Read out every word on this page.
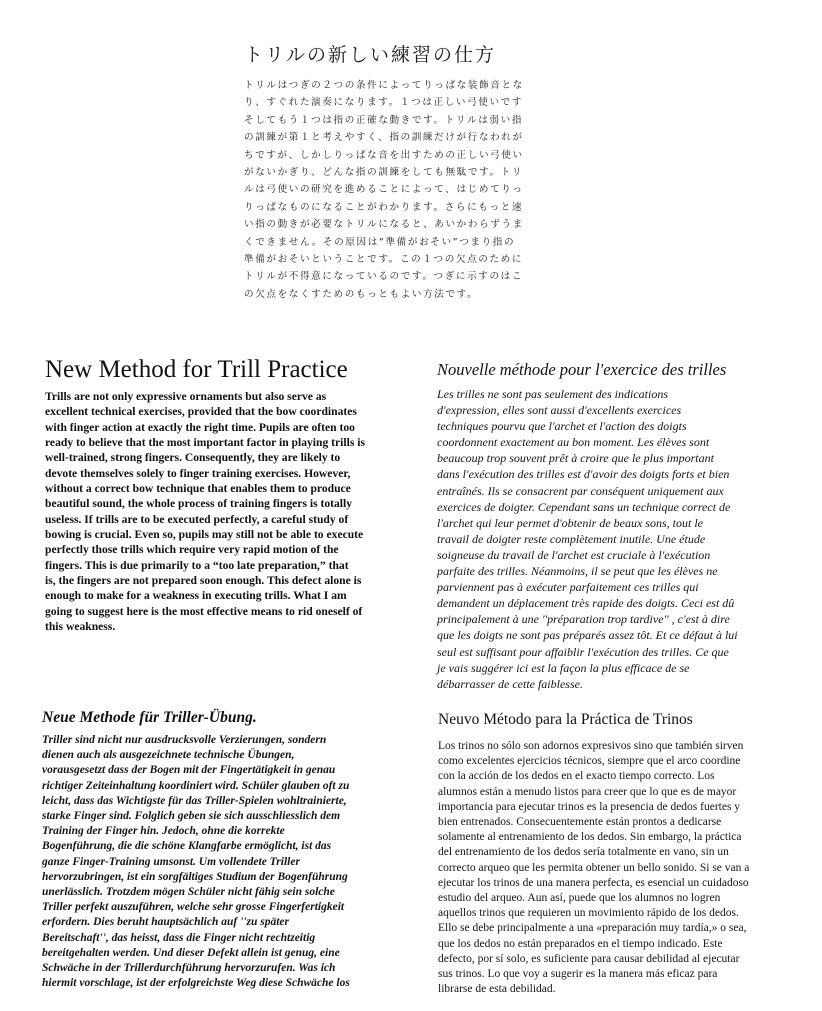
トリルの新しい練習の仕方
トリルはつぎの２つの条件によってりっぱな装飾音とな
り、すぐれた演奏になります。１つは正しい弓使いです
そしてもう１つは指の正確な動きです。トリルは弱い指
の訓練が第１と考えやすく、指の訓練だけが行なわれが
ちですが、しかしりっぱな音を出すための正しい弓使い
がないかぎり、どんな指の訓練をしても無駄です。トリ
ルは弓使いの研究を進めることによって、はじめてりっ
りっぱなものになることがわかります。さらにもっと速
い指の動きが必要なトリルになると、あいかわらずうま
くできません。その原因は“準備がおそい”つまり指の
準備がおそいということです。この１つの欠点のために
トリルが不得意になっているのです。つぎに示すのはこ
の欠点をなくすためのもっともよい方法です。
New Method for Trill Practice
Trills are not only expressive ornaments but also serve as
excellent technical exercises, provided that the bow coordinates
with finger action at exactly the right time. Pupils are often too
ready to believe that the most important factor in playing trills is
well-trained, strong fingers. Consequently, they are likely to
devote themselves solely to finger training exercises. However,
without a correct bow technique that enables them to produce
beautiful sound, the whole process of training fingers is totally
useless. If trills are to be executed perfectly, a careful study of
bowing is crucial. Even so, pupils may still not be able to execute
perfectly those trills which require very rapid motion of the
fingers. This is due primarily to a “too late preparation,” that
is, the fingers are not prepared soon enough. This defect alone is
enough to make for a weakness in executing trills. What I am
going to suggest here is the most effective means to rid oneself of
this weakness.
Nouvelle méthode pour l'exercice des trilles
Les trilles ne sont pas seulement des indications
d'expression, elles sont aussi d'excellents exercices
techniques pourvu que l'archet et l'action des doigts
coordonnent exactement au bon moment. Les élèves sont
beaucoup trop souvent prêt à croire que le plus important
dans l'exécution des trilles est d'avoir des doigts forts et bien
entraînés. Ils se consacrent par conséquent uniquement aux
exercices de doigter. Cependant sans un technique correct de
l'archet qui leur permet d'obtenir de beaux sons, tout le
travail de doigter reste complètement inutile. Une étude
soigneuse du travail de l'archet est cruciale à l'exécution
parfaite des trilles. Néanmoins, il se peut que les élèves ne
parviennent pas à exécuter parfaitement ces trilles qui
demandent un déplacement très rapide des doigts. Ceci est dû
principalement à une ''préparation trop tardive'' , c'est à dire
que les doigts ne sont pas préparés assez tôt. Et ce défaut à lui
seul est suffisant pour affaiblir l'exécution des trilles. Ce que
je vais suggérer ici est la façon la plus efficace de se
débarrasser de cette faiblesse.
Neue Methode für Triller-Übung.
Triller sind nicht nur ausdrucksvolle Verzierungen, sondern
dienen auch als ausgezeichnete technische Übungen,
vorausgesetzt dass der Bogen mit der Fingertätigkeit in genau
richtiger Zeiteinhaltung koordiniert wird. Schüler glauben oft zu
leicht, dass das Wichtigste für das Triller-Spielen wohltrainierte,
starke Finger sind. Folglich geben sie sich ausschliesslich dem
Training der Finger hin. Jedoch, ohne die korrekte
Bogenführung, die die schöne Klangfarbe ermöglicht, ist das
ganze Finger-Training umsonst. Um vollendete Triller
hervorzubringen, ist ein sorgfältiges Studium der Bogenführung
unerlässlich. Trotzdem mögen Schüler nicht fähig sein solche
Triller perfekt auszuführen, welche sehr grosse Fingerfertigkeit
erfordern. Dies beruht hauptsächlich auf ''zu später
Bereitschaft'', das heisst, dass die Finger nicht rechtzeitig
bereitgehalten werden. Und dieser Defekt allein ist genug, eine
Schwäche in der Trillerdurchführung hervorzurufen. Was ich
hiermit vorschlage, ist der erfolgreichste Weg diese Schwäche los
Neuvo Método para la Práctica de Trinos
Los trinos no sólo son adornos expresivos sino que también sirven
como excelentes ejercicios técnicos, siempre que el arco coordine
con la acción de los dedos en el exacto tiempo correcto. Los
alumnos están a menudo listos para creer que lo que es de mayor
importancia para ejecutar trinos es la presencia de dedos fuertes y
bien entrenados. Consecuentemente están prontos a dedicarse
solamente al entrenamiento de los dedos. Sin embargo, la práctica
del entrenamiento de los dedos sería totalmente en vano, sin un
correcto arqueo que les permita obtener un bello sonido. Si se van a
ejecutar los trinos de una manera perfecta, es esencial un cuidadoso
estudio del arqueo. Aun así, puede que los alumnos no logren
aquellos trinos que requieren un movimiento rápido de los dedos.
Ello se debe principalmente a una «preparación muy tardía,» o sea,
que los dedos no están preparados en el tiempo indicado. Este
defecto, por sí solo, es suficiente para causar debilidad al ejecutar
sus trinos. Lo que voy a sugerir es la manera más eficaz para
librarse de esta debilidad.
